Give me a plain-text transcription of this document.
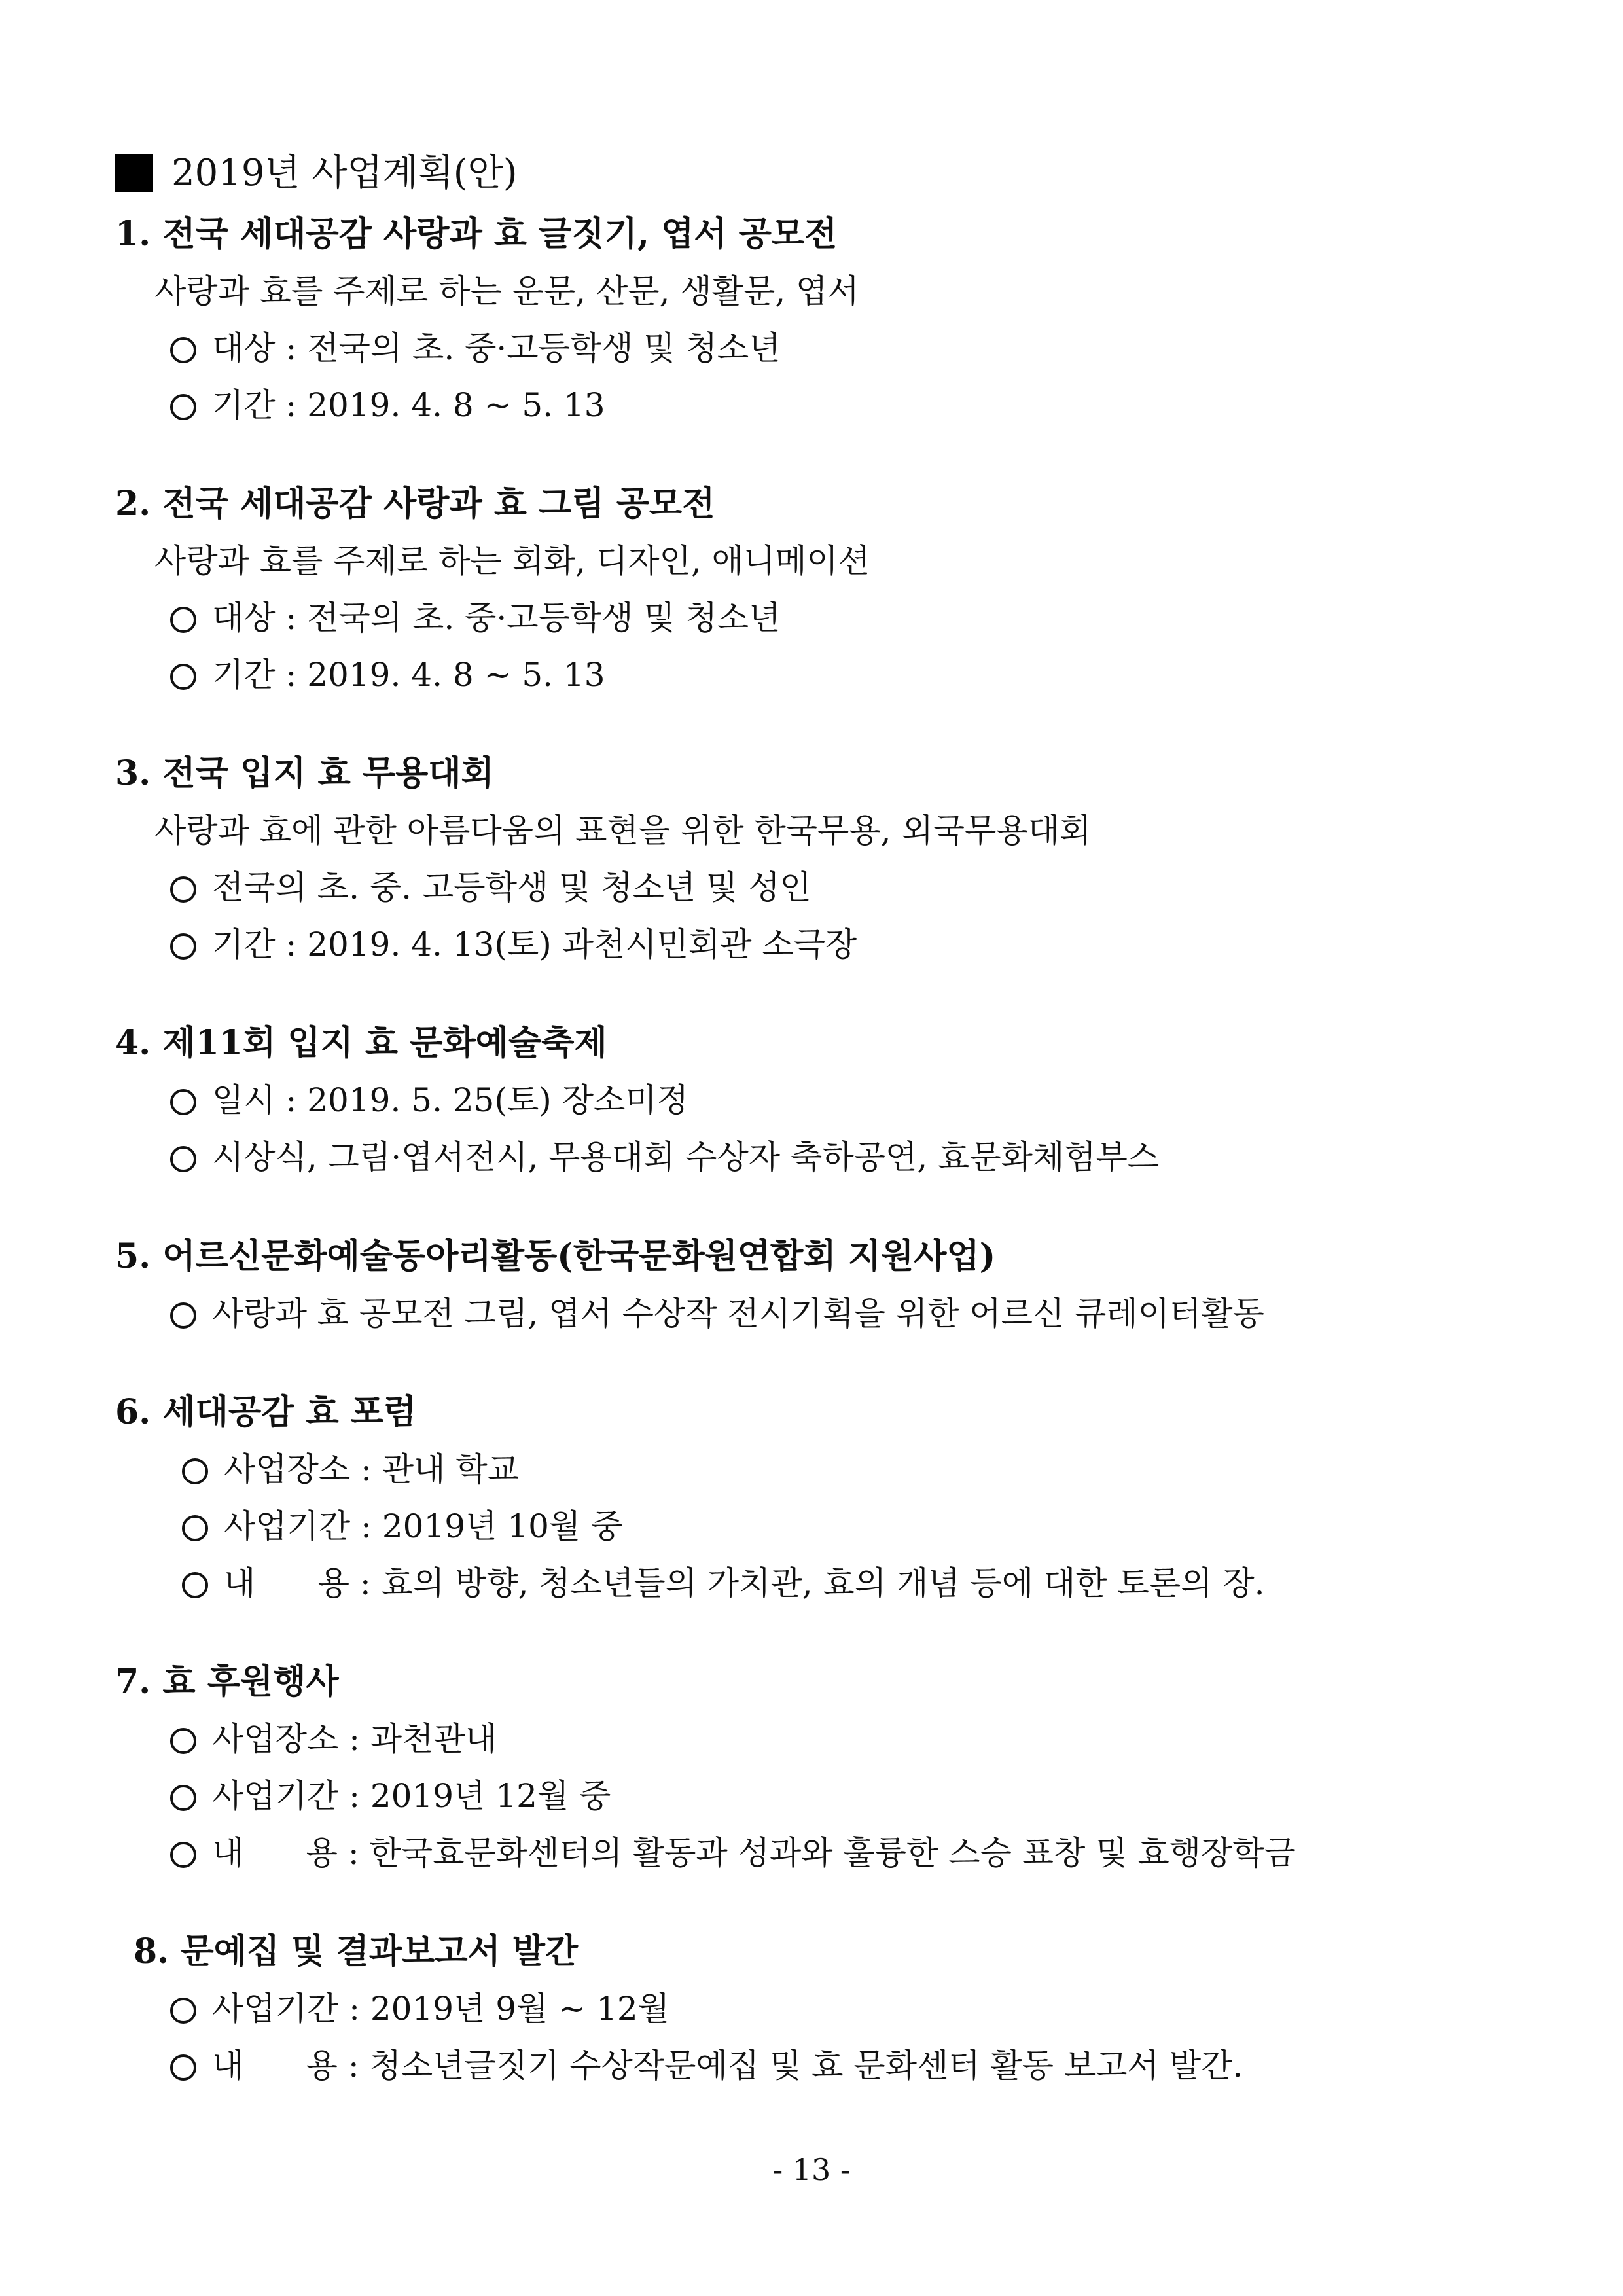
2019년 사업계획(안)
1. 전국 세대공감 사랑과 효 글짓기, 엽서 공모전
사랑과 효를 주제로 하는 운문, 산문, 생활문, 엽서
대상 : 전국의 초. 중·고등학생 및 청소년
기간 : 2019. 4. 8 ~ 5. 13
2. 전국 세대공감 사랑과 효 그림 공모전
사랑과 효를 주제로 하는 회화, 디자인, 애니메이션
대상 : 전국의 초. 중·고등학생 및 청소년
기간 : 2019. 4. 8 ~ 5. 13
3. 전국 입지 효 무용대회
사랑과 효에 관한 아름다움의 표현을 위한 한국무용, 외국무용대회
전국의 초. 중. 고등학생 및 청소년 및 성인
기간 : 2019. 4. 13(토) 과천시민회관 소극장
4. 제11회 입지 효 문화예술축제
일시 : 2019. 5. 25(토) 장소미정
시상식, 그림·엽서전시, 무용대회 수상자 축하공연, 효문화체험부스
5. 어르신문화예술동아리활동(한국문화원연합회 지원사업)
사랑과 효 공모전 그림, 엽서 수상작 전시기획을 위한 어르신 큐레이터활동
6. 세대공감 효 포럼
사업장소 : 관내 학교
사업기간 : 2019년 10월 중
내      용 : 효의 방향, 청소년들의 가치관, 효의 개념 등에 대한 토론의 장.
7. 효 후원행사
사업장소 : 과천관내
사업기간 : 2019년 12월 중
내      용 : 한국효문화센터의 활동과 성과와 훌륭한 스승 표창 및 효행장학금
8. 문예집 및 결과보고서 발간
사업기간 : 2019년 9월 ~ 12월
내      용 : 청소년글짓기 수상작문예집 및 효 문화센터 활동 보고서 발간.
- 13 -
